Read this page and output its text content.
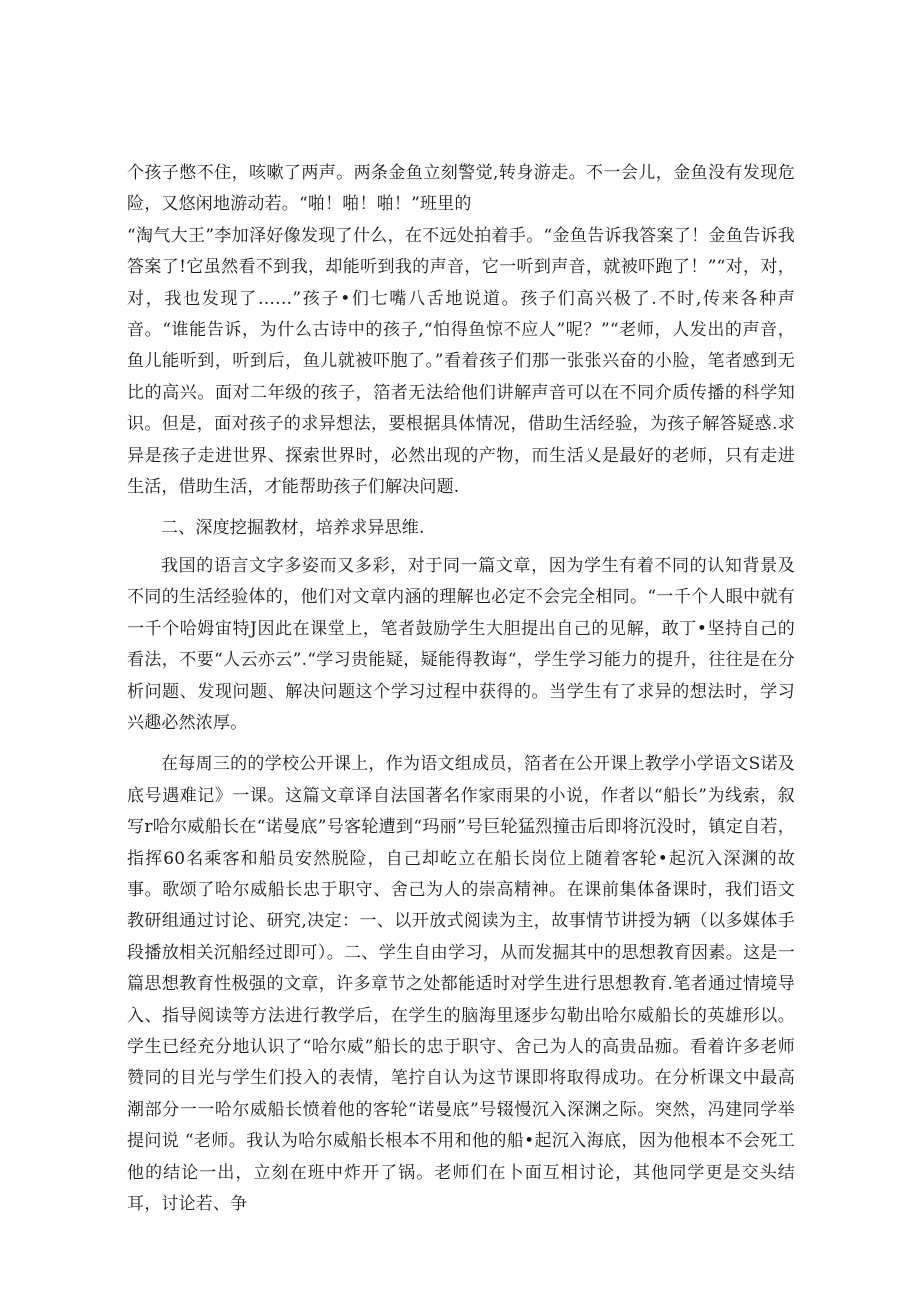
个孩子憋不住，咳嗽了两声。两条金鱼立刻警觉,转身游走。不一会儿，金鱼没有发现危险，又悠闲地游动若。“啪！啪！啪！”班里的

“淘气大王”李加泽好像发现了什么，在不远处拍着手。“金鱼告诉我答案了！金鱼告诉我答案了!它虽然看不到我，却能听到我的声音，它一听到声音，就被吓跑了！”“对，对，对，我也发现了……”孩子•们七嘴八舌地说道。孩子们高兴极了.不时,传来各种声音。“谁能告诉，为什么古诗中的孩子,“怕得鱼惊不应人”呢？”“老师，人发出的声音，鱼儿能听到，听到后，鱼儿就被吓胞了。”看着孩子们那一张张兴奋的小脸，笔者感到无比的高兴。面对二年级的孩子，箔者无法给他们讲解声音可以在不同介质传播的科学知识。但是，面对孩子的求异想法，要根据具体情况，借助生活经验，为孩子解答疑惑.求异是孩子走进世界、探索世界时，必然出现的产物，而生活乂是最好的老师，只有走进生活，借助生活，才能帮助孩子们解决问题.

二、深度挖掘教材，培养求异思维.

我国的语言文字多姿而又多彩，对于同一篇文章，因为学生有着不同的认知背景及不同的生活经验体的，他们对文章内涵的理解也必定不会完全相同。“一千个人眼中就有一千个哈姆宙特J因此在课堂上，笔者鼓励学生大胆提出自己的见解，敢丁•坚持自己的看法，不要“人云亦云”.“学习贵能疑，疑能得教诲“，学生学习能力的提升，往往是在分析问题、发现问题、解决问题这个学习过程中获得的。当学生有了求异的想法时，学习兴趣必然浓厚。

在每周三的的学校公开课上，作为语文组成员，箔者在公开课上教学小学语文S诺及底号遇难记》一课。这篇文章译自法国著名作家雨果的小说，作者以“船长”为线索，叙写r哈尔威船长在“诺曼底”号客轮遭到“玛丽”号巨轮猛烈撞击后即将沉没时，镇定自若，指挥60名乘客和船员安然脱险，自己却屹立在船长岗位上随着客轮•起沉入深渊的故事。歌颂了哈尔威船长忠于职守、舍己为人的崇高精神。在课前集体备课时，我们语文教研组通过讨论、研究,决定：一、以开放式阅读为主，故事情节讲授为辆（以多媒体手段播放相关沉船经过即可）。二、学生自由学习，从而发掘其中的思想教育因素。这是一篇思想教育性极强的文章，许多章节之处都能适时对学生进行思想教育.笔者通过情境导入、指导阅读等方法进行教学后，在学生的脑海里逐步勾勒出哈尔威船长的英雄形以。学生已经充分地认识了“哈尔威”船长的忠于职守、舍己为人的高贵品痂。看着许多老师赞同的目光与学生们投入的表情，笔拧自认为这节课即将取得成功。在分析课文中最高潮部分一一哈尔威船长愤着他的客轮“诺曼底”号辍慢沉入深渊之际。突然，冯建同学举提问说 “老师。我认为哈尔威船长根本不用和他的船•起沉入海底，因为他根本不会死工他的结论一出，立刻在班中炸开了锅。老师们在卜面互相讨论，其他同学更是交头结耳，讨论若、争
